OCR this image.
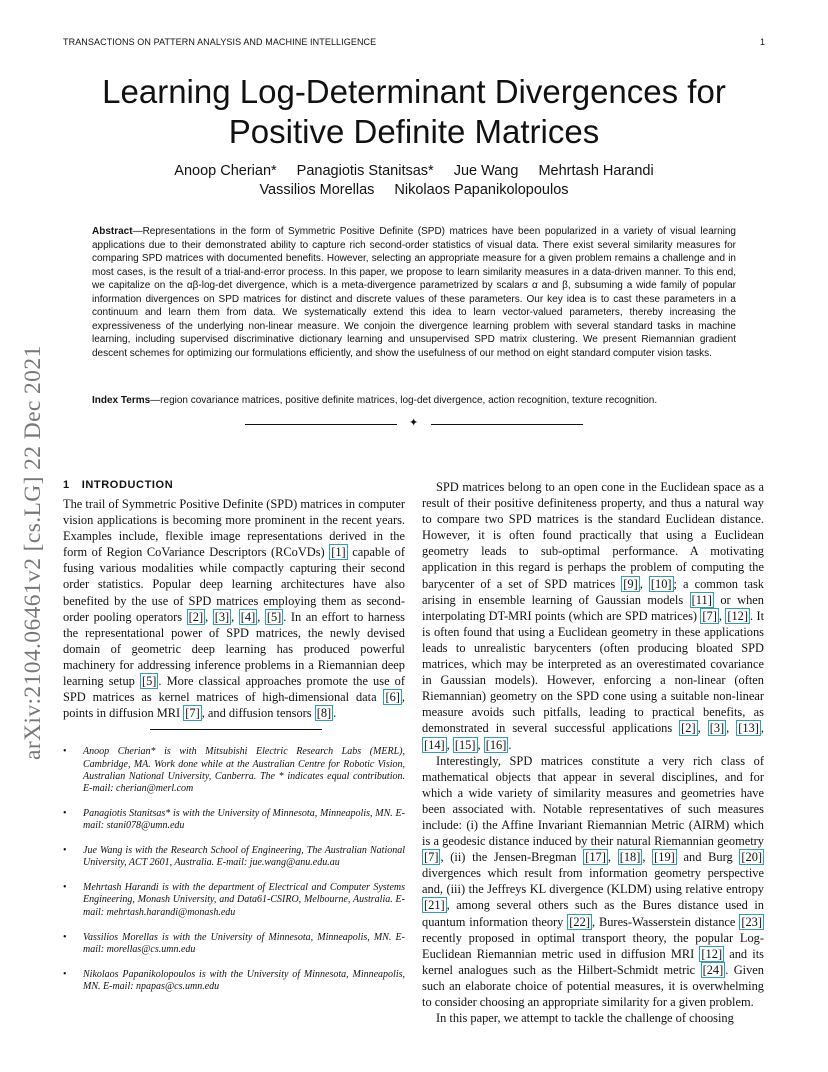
TRANSACTIONS ON PATTERN ANALYSIS AND MACHINE INTELLIGENCE	1
Learning Log-Determinant Divergences for
Positive Definite Matrices
Anoop Cherian* Panagiotis Stanitsas* Jue Wang Mehrtash Harandi
Vassilios Morellas Nikolaos Papanikolopoulos
Abstract—Representations in the form of Symmetric Positive Definite (SPD) matrices have been popularized in a variety of visual learning applications due to their demonstrated ability to capture rich second-order statistics of visual data. There exist several similarity measures for comparing SPD matrices with documented benefits. However, selecting an appropriate measure for a given problem remains a challenge and in most cases, is the result of a trial-and-error process. In this paper, we propose to learn similarity measures in a data-driven manner. To this end, we capitalize on the αβ-log-det divergence, which is a meta-divergence parametrized by scalars α and β, subsuming a wide family of popular information divergences on SPD matrices for distinct and discrete values of these parameters. Our key idea is to cast these parameters in a continuum and learn them from data. We systematically extend this idea to learn vector-valued parameters, thereby increasing the expressiveness of the underlying non-linear measure. We conjoin the divergence learning problem with several standard tasks in machine learning, including supervised discriminative dictionary learning and unsupervised SPD matrix clustering. We present Riemannian gradient descent schemes for optimizing our formulations efficiently, and show the usefulness of our method on eight standard computer vision tasks.
Index Terms—region covariance matrices, positive definite matrices, log-det divergence, action recognition, texture recognition.
✦
arXiv:2104.06461v2 [cs.LG] 22 Dec 2021 1 INTRODUCTION

The trail of Symmetric Positive Definite (SPD) matrices in computer vision applications is becoming more prominent in the recent years. Examples include, flexible image representations derived in the form of Region CoVariance Descriptors (RCoVDs) [1] capable of fusing various modalities while compactly capturing their second order statistics. Popular deep learning architectures have also benefited by the use of SPD matrices employing them as second-order pooling operators [2] , [3] , [4] , [5] . In an effort to harness the representational power of SPD matrices, the newly devised domain of geometric deep learning has produced powerful machinery for addressing inference problems in a Riemannian deep learning setup [5] . More classical approaches promote the use of SPD matrices as kernel matrices of high-dimensional data [6] , points in diffusion MRI [7] , and diffusion tensors [8] .

• Anoop Cherian* is with Mitsubishi Electric Research Labs (MERL), Cambridge, MA. Work done while at the Australian Centre for Robotic Vision, Australian National University, Canberra. The * indicates equal contribution. E-mail: cherian@merl.com
• Panagiotis Stanitsas* is with the University of Minnesota, Minneapolis, MN. E-mail: stani078@umn.edu
• Jue Wang is with the Research School of Engineering, The Australian National University, ACT 2601, Australia. E-mail: jue.wang@anu.edu.au
• Mehrtash Harandi is with the department of Electrical and Computer Systems Engineering, Monash University, and Data61-CSIRO, Melbourne, Australia. E-mail: mehrtash.harandi@monash.edu
• Vassilios Morellas is with the University of Minnesota, Minneapolis, MN. E-mail: morellas@cs.umn.edu
• Nikolaos Papanikolopoulos is with the University of Minnesota, Minneapolis, MN. E-mail: npapas@cs.umn.edu

SPD matrices belong to an open cone in the Euclidean space as a result of their positive definiteness property, and thus a natural way to compare two SPD matrices is the standard Euclidean distance. However, it is often found practically that using a Euclidean geometry leads to sub-optimal performance. A motivating application in this regard is perhaps the problem of computing the barycenter of a set of SPD matrices [9] , [10] ; a common task arising in ensemble learning of Gaussian models [11] or when interpolating DT-MRI points (which are SPD matrices) [7] , [12] . It is often found that using a Euclidean geometry in these applications leads to unrealistic barycenters (often producing bloated SPD matrices, which may be interpreted as an overestimated covariance in Gaussian models). However, enforcing a non-linear (often Riemannian) geometry on the SPD cone using a suitable non-linear measure avoids such pitfalls, leading to practical benefits, as demonstrated in several successful applications [2] , [3] , [13] , [14] , [15] , [16] .

Interestingly, SPD matrices constitute a very rich class of mathematical objects that appear in several disciplines, and for which a wide variety of similarity measures and geometries have been associated with. Notable representatives of such measures include: (i) the Affine Invariant Riemannian Metric (AIRM) which is a geodesic distance induced by their natural Riemannian geometry [7] , (ii) the Jensen-Bregman [17] , [18] , [19] and Burg [20] divergences which result from information geometry perspective and, (iii) the Jeffreys KL divergence (KLDM) using relative entropy [21] , among several others such as the Bures distance used in quantum information theory [22] , Bures-Wasserstein distance [23] recently proposed in optimal transport theory, the popular Log-Euclidean Riemannian metric used in diffusion MRI [12] and its kernel analogues such as the Hilbert-Schmidt metric [24] . Given such an elaborate choice of potential measures, it is overwhelming to consider choosing an appropriate similarity for a given problem.

In this paper, we attempt to tackle the challenge of choosing
